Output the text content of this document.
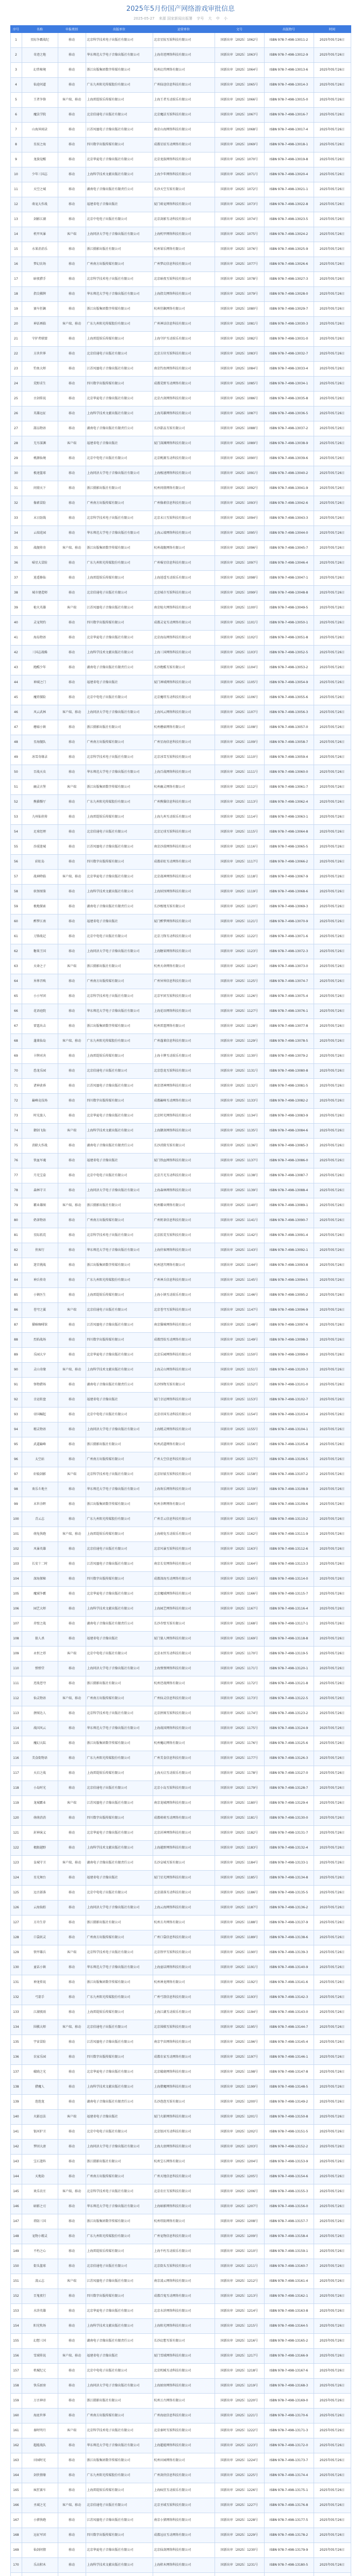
2025年5月份国产网络游戏审批信息
2025-05-27 来源 国家新闻出版署 字号 大 中 小
序号	名称	申报类别	出版单位	运营单位	文号	出版物号	时间
1	星际争霸战纪	移动	北京科学技术电子出版社有限公司	北京星际互娱科技有限公司	国新出审〔2025〕1062号	ISBN 978-7-498-13011-2	2025年05月26日
2	奇迹之地	移动	华东师范大学电子音像出版社有限公司	上海奇迹网络科技有限公司	国新出审〔2025〕1063号	ISBN 978-7-498-13012-9	2025年05月26日
3	幻兽秘境	移动	浙江出版集团数字传媒有限公司	杭州幻兽网络有限公司	国新出审〔2025〕1064号	ISBN 978-7-498-13013-6	2025年05月26日
4	仙途问道	移动	广东九州阳光传媒股份有限公司	广州仙途信息科技有限公司	国新出审〔2025〕1065号	ISBN 978-7-498-13014-3	2025年05月26日
5	王者争锋	客户端、移动	上海雷缇娱乐传媒有限公司	上海王者互动娱乐有限公司	国新出审〔2025〕1066号	ISBN 978-7-498-13015-0	2025年05月26日
6	魔法学院	移动	北京伯通电子出版社有限公司	北京魔法互娱科技有限公司	国新出审〔2025〕1067号	ISBN 978-7-498-13016-7	2025年05月26日
7	山海异闻录	移动	江苏凤凰电子音像出版社有限公司	南京山海网络科技有限公司	国新出审〔2025〕1068号	ISBN 978-7-498-13017-4	2025年05月26日
8	星辰之海	移动	四川数字出版传媒有限公司	成都星辰互动网络有限公司	国新出审〔2025〕1069号	ISBN 978-7-498-13018-1	2025年05月26日
9	龙族觉醒	移动	北京华夏电子音像出版社有限公司	北京龙族网络科技有限公司	国新出审〔2025〕1070号	ISBN 978-7-498-13019-8	2025年05月26日
10	少年三国志	移动	上海科学技术文献出版社有限公司	上海少年网络科技有限公司	国新出审〔2025〕1071号	ISBN 978-7-498-13020-4	2025年05月26日
11	天空之城	移动	湖南电子音像出版社有限责任公司	长沙天空互娱有限公司	国新出审〔2025〕1072号	ISBN 978-7-498-13021-1	2025年05月26日
12	萌宠大作战	移动	福建省电子音像出版社	厦门萌宠网络科技有限公司	国新出审〔2025〕1073号	ISBN 978-7-498-13022-8	2025年05月26日
13	剑影江湖	移动	北京中电电子出版社有限公司	北京剑影互动科技有限公司	国新出审〔2025〕1074号	ISBN 978-7-498-13023-5	2025年05月26日
14	机甲风暴	客户端	上海同济大学电子音像出版社有限公司	上海机甲网络科技有限公司	国新出审〔2025〕1075号	ISBN 978-7-498-13024-2	2025年05月26日
15	水果消消乐	移动	浙江摄影出版社有限公司	杭州果乐网络有限公司	国新出审〔2025〕1076号	ISBN 978-7-498-13025-9	2025年05月26日
16	梦幻农场	移动	广州南方出版传媒有限公司	广州梦幻信息科技有限公司	国新出审〔2025〕1077号	ISBN 978-7-498-13026-6	2025年05月26日
17	暗夜猎手	移动	北京科学技术电子出版社有限公司	北京暗夜互娱科技有限公司	国新出审〔2025〕1078号	ISBN 978-7-498-13027-3	2025年05月26日
18	指尖棋牌	移动	华东师范大学电子音像出版社有限公司	上海指尖网络科技有限公司	国新出审〔2025〕1079号	ISBN 978-7-498-13028-0	2025年05月26日
19	赛车狂飙	移动	浙江出版集团数字传媒有限公司	杭州狂飙网络有限公司	国新出审〔2025〕1080号	ISBN 978-7-498-13029-7	2025年05月26日
20	神话再临	客户端、移动	广东九州阳光传媒股份有限公司	广州神话信息科技有限公司	国新出审〔2025〕1081号	ISBN 978-7-498-13030-3	2025年05月26日
21	守护者联盟	移动	上海雷缇娱乐传媒有限公司	上海守护互动娱乐有限公司	国新出审〔2025〕1082号	ISBN 978-7-498-13031-0	2025年05月26日
22	方块世界	移动	北京伯通电子出版社有限公司	北京方块互娱科技有限公司	国新出审〔2025〕1083号	ISBN 978-7-498-13032-7	2025年05月26日
23	钓鱼大师	移动	江苏凤凰电子音像出版社有限公司	南京钓鱼网络科技有限公司	国新出审〔2025〕1084号	ISBN 978-7-498-13033-4	2025年05月26日
24	荒野求生	移动	四川数字出版传媒有限公司	成都荒野互动网络有限公司	国新出审〔2025〕1085号	ISBN 978-7-498-13034-1	2025年05月26日
25	古剑传说	移动	北京华夏电子音像出版社有限公司	北京古剑网络科技有限公司	国新出审〔2025〕1086号	ISBN 978-7-498-13035-8	2025年05月26日
26	英雄远征	移动	上海科学技术文献出版社有限公司	上海英雄网络科技有限公司	国新出审〔2025〕1087号	ISBN 978-7-498-13036-5	2025年05月26日
27	甜品物语	移动	湖南电子音像出版社有限责任公司	长沙甜品互娱有限公司	国新出审〔2025〕1088号	ISBN 978-7-498-13037-2	2025年05月26日
28	无尽深渊	客户端	福建省电子音像出版社	厦门深渊网络科技有限公司	国新出审〔2025〕1089号	ISBN 978-7-498-13038-9	2025年05月26日
29	桃源仙境	移动	北京中电电子出版社有限公司	北京桃源互动科技有限公司	国新出审〔2025〕1090号	ISBN 978-7-498-13039-6	2025年05月26日
30	极速篮球	移动	上海同济大学电子音像出版社有限公司	上海极速网络科技有限公司	国新出审〔2025〕1091号	ISBN 978-7-498-13040-2	2025年05月26日
31	问鼎天下	移动	浙江摄影出版社有限公司	杭州问鼎网络有限公司	国新出审〔2025〕1092号	ISBN 978-7-498-13041-9	2025年05月26日
32	像素冒险	移动	广州南方出版传媒有限公司	广州像素信息科技有限公司	国新出审〔2025〕1093号	ISBN 978-7-498-13042-6	2025年05月26日
33	末日防线	移动	北京科学技术电子出版社有限公司	北京末日互娱科技有限公司	国新出审〔2025〕1094号	ISBN 978-7-498-13043-3	2025年05月26日
34	云端花园	移动	华东师范大学电子音像出版社有限公司	上海云端网络科技有限公司	国新出审〔2025〕1095号	ISBN 978-7-498-13044-0	2025年05月26日
35	战舰传奇	客户端、移动	浙江出版集团数字传媒有限公司	杭州战舰网络有限公司	国新出审〔2025〕1096号	ISBN 978-7-498-13045-7	2025年05月26日
36	喵星大冒险	移动	广东九州阳光传媒股份有限公司	广州喵星信息科技有限公司	国新出审〔2025〕1097号	ISBN 978-7-498-13046-4	2025年05月26日
37	逍遥修仙	移动	上海雷缇娱乐传媒有限公司	上海逍遥互动娱乐有限公司	国新出审〔2025〕1098号	ISBN 978-7-498-13047-1	2025年05月26日
38	城市建造师	移动	北京伯通电子出版社有限公司	北京城市互娱科技有限公司	国新出审〔2025〕1099号	ISBN 978-7-498-13048-8	2025年05月26日
39	枪火英雄	客户端	江苏凤凰电子音像出版社有限公司	南京枪火网络科技有限公司	国新出审〔2025〕1100号	ISBN 978-7-498-13049-5	2025年05月26日
40	灵宠契约	移动	四川数字出版传媒有限公司	成都灵宠互动网络有限公司	国新出审〔2025〕1101号	ISBN 978-7-498-13050-1	2025年05月26日
41	海岛物语	移动	北京华夏电子音像出版社有限公司	北京海岛网络科技有限公司	国新出审〔2025〕1102号	ISBN 978-7-498-13051-8	2025年05月26日
42	三国志战略	移动	上海科学技术文献出版社有限公司	上海三国网络科技有限公司	国新出审〔2025〕1103号	ISBN 978-7-498-13052-5	2025年05月26日
43	跑酷少年	移动	湖南电子音像出版社有限责任公司	长沙跑酷互娱有限公司	国新出审〔2025〕1104号	ISBN 978-7-498-13053-2	2025年05月26日
44	神域之门	移动	福建省电子音像出版社	厦门神域网络科技有限公司	国新出审〔2025〕1105号	ISBN 978-7-498-13054-9	2025年05月26日
45	魔塔探险	移动	北京中电电子出版社有限公司	北京魔塔互动科技有限公司	国新出审〔2025〕1106号	ISBN 978-7-498-13055-6	2025年05月26日
46	风云武林	客户端、移动	上海同济大学电子音像出版社有限公司	上海风云网络科技有限公司	国新出审〔2025〕1107号	ISBN 978-7-498-13056-3	2025年05月26日
47	蘑菇小镇	移动	浙江摄影出版社有限公司	杭州蘑菇网络有限公司	国新出审〔2025〕1108号	ISBN 978-7-498-13057-0	2025年05月26日
48	星海舰队	移动	广州南方出版传媒有限公司	广州星海信息科技有限公司	国新出审〔2025〕1109号	ISBN 978-7-498-13058-7	2025年05月26日
49	冰雪奇缘录	移动	北京科学技术电子出版社有限公司	北京冰雪互娱科技有限公司	国新出审〔2025〕1110号	ISBN 978-7-498-13059-4	2025年05月26日
50	百战天虫	移动	华东师范大学电子音像出版社有限公司	上海百战网络科技有限公司	国新出审〔2025〕1111号	ISBN 978-7-498-13060-0	2025年05月26日
51	幽灵古堡	客户端	浙江出版集团数字传媒有限公司	杭州幽灵网络有限公司	国新出审〔2025〕1112号	ISBN 978-7-498-13061-7	2025年05月26日
52	熊猫餐厅	移动	广东九州阳光传媒股份有限公司	广州熊猫信息科技有限公司	国新出审〔2025〕1113号	ISBN 978-7-498-13062-4	2025年05月26日
53	九州仙侠传	移动	上海雷缇娱乐传媒有限公司	上海九州互动娱乐有限公司	国新出审〔2025〕1114号	ISBN 978-7-498-13063-1	2025年05月26日
54	足球经理	移动	北京伯通电子出版社有限公司	北京足球互娱科技有限公司	国新出审〔2025〕1115号	ISBN 978-7-498-13064-8	2025年05月26日
55	沙漠迷城	移动	江苏凤凰电子音像出版社有限公司	南京沙漠网络科技有限公司	国新出审〔2025〕1116号	ISBN 978-7-498-13065-5	2025年05月26日
56	彩虹岛	移动	四川数字出版传媒有限公司	成都彩虹互动网络有限公司	国新出审〔2025〕1117号	ISBN 978-7-498-13066-2	2025年05月26日
57	战神降临	客户端、移动	北京华夏电子音像出版社有限公司	北京战神网络科技有限公司	国新出审〔2025〕1118号	ISBN 978-7-498-13067-9	2025年05月26日
58	妖怪图鉴	移动	上海科学技术文献出版社有限公司	上海妖怪网络科技有限公司	国新出审〔2025〕1119号	ISBN 978-7-498-13068-6	2025年05月26日
59	极地探索	移动	湖南电子音像出版社有限责任公司	长沙极地互娱有限公司	国新出审〔2025〕1120号	ISBN 978-7-498-13069-3	2025年05月26日
60	醉梦江南	移动	福建省电子音像出版社	厦门醉梦网络科技有限公司	国新出审〔2025〕1121号	ISBN 978-7-498-13070-9	2025年05月26日
61	刀锋战记	移动	北京中电电子出版社有限公司	北京刀锋互动科技有限公司	国新出审〔2025〕1122号	ISBN 978-7-498-13071-6	2025年05月26日
62	糖果王国	移动	上海同济大学电子音像出版社有限公司	上海糖果网络科技有限公司	国新出审〔2025〕1123号	ISBN 978-7-498-13072-3	2025年05月26日
63	天命之子	客户端	浙江摄影出版社有限公司	杭州天命网络有限公司	国新出审〔2025〕1124号	ISBN 978-7-498-13073-0	2025年05月26日
64	异界召唤	移动	广州南方出版传媒有限公司	广州异界信息科技有限公司	国新出审〔2025〕1125号	ISBN 978-7-498-13074-7	2025年05月26日
65	小小军团	移动	北京科学技术电子出版社有限公司	北京军团互娱科技有限公司	国新出审〔2025〕1126号	ISBN 978-7-498-13075-4	2025年05月26日
66	花语庭院	移动	华东师范大学电子音像出版社有限公司	上海花语网络科技有限公司	国新出审〔2025〕1127号	ISBN 978-7-498-13076-1	2025年05月26日
67	雷霆出击	移动	浙江出版集团数字传媒有限公司	杭州雷霆网络有限公司	国新出审〔2025〕1128号	ISBN 978-7-498-13077-8	2025年05月26日
68	蓬莱仙岛	客户端、移动	广东九州阳光传媒股份有限公司	广州蓬莱信息科技有限公司	国新出审〔2025〕1129号	ISBN 978-7-498-13078-5	2025年05月26日
69	卡牌对决	移动	上海雷缇娱乐传媒有限公司	上海卡牌互动娱乐有限公司	国新出审〔2025〕1130号	ISBN 978-7-498-13079-2	2025年05月26日
70	恐龙乐园	移动	北京伯通电子出版社有限公司	北京恐龙互娱科技有限公司	国新出审〔2025〕1131号	ISBN 978-7-498-13080-8	2025年05月26日
71	诸神黄昏	移动	江苏凤凰电子音像出版社有限公司	南京诸神网络科技有限公司	国新出审〔2025〕1132号	ISBN 978-7-498-13081-5	2025年05月26日
72	巅峰竞技场	移动	四川数字出版传媒有限公司	成都巅峰互动网络有限公司	国新出审〔2025〕1133号	ISBN 978-7-498-13082-2	2025年05月26日
73	时光旅人	移动	北京华夏电子音像出版社有限公司	北京时光网络科技有限公司	国新出审〔2025〕1134号	ISBN 978-7-498-13083-9	2025年05月26日
74	御剑飞仙	客户端	上海科学技术文献出版社有限公司	上海御剑网络科技有限公司	国新出审〔2025〕1135号	ISBN 978-7-498-13084-6	2025年05月26日
75	消除大作战	移动	湖南电子音像出版社有限责任公司	长沙消除互娱有限公司	国新出审〔2025〕1136号	ISBN 978-7-498-13085-3	2025年05月26日
76	铁血军魂	移动	福建省电子音像出版社	厦门铁血网络科技有限公司	国新出审〔2025〕1137号	ISBN 978-7-498-13086-0	2025年05月26日
77	月光宝盒	移动	北京中电电子出版社有限公司	北京月光互动科技有限公司	国新出审〔2025〕1138号	ISBN 978-7-498-13087-7	2025年05月26日
78	森林守卫	移动	上海同济大学电子音像出版社有限公司	上海森林网络科技有限公司	国新出审〔2025〕1139号	ISBN 978-7-498-13088-4	2025年05月26日
79	霸业雄图	客户端、移动	浙江摄影出版社有限公司	杭州霸业网络有限公司	国新出审〔2025〕1140号	ISBN 978-7-498-13089-1	2025年05月26日
80	奶茶物语	移动	广州南方出版传媒有限公司	广州奶茶信息科技有限公司	国新出审〔2025〕1141号	ISBN 978-7-498-13090-7	2025年05月26日
81	星际拓荒	移动	北京科学技术电子出版社有限公司	北京拓荒互娱科技有限公司	国新出审〔2025〕1142号	ISBN 978-7-498-13091-4	2025年05月26日
82	侠客行	移动	华东师范大学电子音像出版社有限公司	上海侠客网络科技有限公司	国新出审〔2025〕1143号	ISBN 978-7-498-13092-1	2025年05月26日
83	迷宫挑战	移动	浙江出版集团数字传媒有限公司	杭州迷宫网络有限公司	国新出审〔2025〕1144号	ISBN 978-7-498-13093-8	2025年05月26日
84	神兵传奇	移动	广东九州阳光传媒股份有限公司	广州神兵信息科技有限公司	国新出审〔2025〕1145号	ISBN 978-7-498-13094-5	2025年05月26日
85	小镇医生	移动	上海雷缇娱乐传媒有限公司	上海小镇互动娱乐有限公司	国新出审〔2025〕1146号	ISBN 978-7-498-13095-2	2025年05月26日
86	苍穹之翼	客户端	北京伯通电子出版社有限公司	北京苍穹互娱科技有限公司	国新出审〔2025〕1147号	ISBN 978-7-498-13096-9	2025年05月26日
87	猫咪咖啡馆	移动	江苏凤凰电子音像出版社有限公司	南京猫咪网络科技有限公司	国新出审〔2025〕1148号	ISBN 978-7-498-13097-6	2025年05月26日
88	烈焰战场	移动	四川数字出版传媒有限公司	成都烈焰互动网络有限公司	国新出审〔2025〕1149号	ISBN 978-7-498-13098-3	2025年05月26日
89	乐园大亨	移动	北京华夏电子音像出版社有限公司	北京乐园网络科技有限公司	国新出审〔2025〕1150号	ISBN 978-7-498-13099-0	2025年05月26日
90	灵山奇缘	客户端、移动	上海科学技术文献出版社有限公司	上海灵山网络科技有限公司	国新出审〔2025〕1151号	ISBN 978-7-498-13100-3	2025年05月26日
91	怪物猎场	移动	湖南电子音像出版社有限责任公司	长沙怪物互娱有限公司	国新出审〔2025〕1152号	ISBN 978-7-498-13101-0	2025年05月26日
92	幸运转盘	移动	福建省电子音像出版社	厦门幸运网络科技有限公司	国新出审〔2025〕1153号	ISBN 978-7-498-13102-7	2025年05月26日
93	帝国崛起	移动	北京中电电子出版社有限公司	北京帝国互动科技有限公司	国新出审〔2025〕1154号	ISBN 978-7-498-13103-4	2025年05月26日
94	精灵物语	移动	上海同济大学电子音像出版社有限公司	上海精灵网络科技有限公司	国新出审〔2025〕1155号	ISBN 978-7-498-13104-1	2025年05月26日
95	武道巅峰	移动	浙江摄影出版社有限公司	杭州武道网络有限公司	国新出审〔2025〕1156号	ISBN 978-7-498-13105-8	2025年05月26日
96	太空站	移动	广州南方出版传媒有限公司	广州太空信息科技有限公司	国新出审〔2025〕1157号	ISBN 978-7-498-13106-5	2025年05月26日
97	轩辕剑影	客户端	北京科学技术电子出版社有限公司	北京轩辕互娱科技有限公司	国新出审〔2025〕1158号	ISBN 978-7-498-13107-2	2025年05月26日
98	欢乐斗地主	移动	华东师范大学电子音像出版社有限公司	上海欢乐网络科技有限公司	国新出审〔2025〕1159号	ISBN 978-7-498-13108-9	2025年05月26日
99	末世余晖	移动	浙江出版集团数字传媒有限公司	杭州余晖网络有限公司	国新出审〔2025〕1160号	ISBN 978-7-498-13109-6	2025年05月26日
100	青云志	移动	广东九州阳光传媒股份有限公司	广州青云信息科技有限公司	国新出审〔2025〕1161号	ISBN 978-7-498-13110-2	2025年05月26日
101	萌兔快跑	客户端、移动	上海雷缇娱乐传媒有限公司	上海萌兔互动娱乐有限公司	国新出审〔2025〕1162号	ISBN 978-7-498-13111-9	2025年05月26日
102	风暴英雄	移动	北京伯通电子出版社有限公司	北京风暴互娱科技有限公司	国新出审〔2025〕1163号	ISBN 978-7-498-13112-6	2025年05月26日
103	长安十二时	移动	江苏凤凰电子音像出版社有限公司	南京长安网络科技有限公司	国新出审〔2025〕1164号	ISBN 978-7-498-13113-3	2025年05月26日
104	深海探秘	移动	四川数字出版传媒有限公司	成都深海互动网络有限公司	国新出审〔2025〕1165号	ISBN 978-7-498-13114-0	2025年05月26日
105	魔域争霸	移动	北京华夏电子音像出版社有限公司	北京魔域网络科技有限公司	国新出审〔2025〕1166号	ISBN 978-7-498-13115-7	2025年05月26日
106	园艺大师	移动	上海科学技术文献出版社有限公司	上海园艺网络科技有限公司	国新出审〔2025〕1167号	ISBN 978-7-498-13116-4	2025年05月26日
107	赤壁之战	移动	湖南电子音像出版社有限责任公司	长沙赤壁互娱有限公司	国新出审〔2025〕1168号	ISBN 978-7-498-13117-1	2025年05月26日
108	狼人杀	移动	福建省电子音像出版社	厦门狼人网络科技有限公司	国新出审〔2025〕1169号	ISBN 978-7-498-13118-8	2025年05月26日
109	永恒之塔	客户端	北京中电电子出版社有限公司	北京永恒互动科技有限公司	国新出审〔2025〕1170号	ISBN 978-7-498-13119-5	2025年05月26日
110	弹弹堂	移动	上海同济大学电子音像出版社有限公司	上海弹弹网络科技有限公司	国新出审〔2025〕1171号	ISBN 978-7-498-13120-1	2025年05月26日
111	逆战苍穹	移动	浙江摄影出版社有限公司	杭州逆战网络有限公司	国新出审〔2025〕1172号	ISBN 978-7-498-13121-8	2025年05月26日
112	仙灵物语	客户端、移动	广州南方出版传媒有限公司	广州仙灵信息科技有限公司	国新出审〔2025〕1173号	ISBN 978-7-498-13122-5	2025年05月26日
113	拼图达人	移动	北京科学技术电子出版社有限公司	北京拼图互娱科技有限公司	国新出审〔2025〕1174号	ISBN 978-7-498-13123-2	2025年05月26日
114	战国风云	移动	华东师范大学电子音像出版社有限公司	上海战国网络科技有限公司	国新出审〔2025〕1175号	ISBN 978-7-498-13124-9	2025年05月26日
115	魔幻大陆	移动	浙江出版集团数字传媒有限公司	杭州魔幻网络有限公司	国新出审〔2025〕1176号	ISBN 978-7-498-13125-6	2025年05月26日
116	美食街物语	移动	广东九州阳光传媒股份有限公司	广州美食信息科技有限公司	国新出审〔2025〕1177号	ISBN 978-7-498-13126-3	2025年05月26日
117	天启之战	移动	上海雷缇娱乐传媒有限公司	上海天启互动娱乐有限公司	国新出审〔2025〕1178号	ISBN 978-7-498-13127-0	2025年05月26日
118	小岛时光	移动	北京伯通电子出版社有限公司	北京小岛互娱科技有限公司	国新出审〔2025〕1179号	ISBN 978-7-498-13128-7	2025年05月26日
119	龙城霸业	客户端	江苏凤凰电子音像出版社有限公司	南京龙城网络科技有限公司	国新出审〔2025〕1180号	ISBN 978-7-498-13129-4	2025年05月26日
120	萌萌消消	移动	四川数字出版传媒有限公司	成都萌萌互动网络有限公司	国新出审〔2025〕1181号	ISBN 978-7-498-13130-0	2025年05月26日
121	封神演义	移动	北京华夏电子音像出版社有限公司	北京封神网络科技有限公司	国新出审〔2025〕1182号	ISBN 978-7-498-13131-7	2025年05月26日
122	极限越野	移动	上海科学技术文献出版社有限公司	上海越野网络科技有限公司	国新出审〔2025〕1183号	ISBN 978-7-498-13132-4	2025年05月26日
123	皇城守卫	客户端、移动	湖南电子音像出版社有限责任公司	长沙皇城互娱有限公司	国新出审〔2025〕1184号	ISBN 978-7-498-13133-1	2025年05月26日
124	星光舞台	移动	福建省电子音像出版社	厦门星光网络科技有限公司	国新出审〔2025〕1185号	ISBN 978-7-498-13134-8	2025年05月26日
125	远古部落	移动	北京中电电子出版社有限公司	北京部落互动科技有限公司	国新出审〔2025〕1186号	ISBN 978-7-498-13135-5	2025年05月26日
126	云海仙踪	移动	上海同济大学电子音像出版社有限公司	上海云海网络科技有限公司	国新出审〔2025〕1187号	ISBN 978-7-498-13136-2	2025年05月26日
127	方舟生存	移动	浙江摄影出版社有限公司	杭州方舟网络有限公司	国新出审〔2025〕1188号	ISBN 978-7-498-13137-9	2025年05月26日
128	口袋妖灵	移动	广州南方出版传媒有限公司	广州口袋信息科技有限公司	国新出审〔2025〕1189号	ISBN 978-7-498-13138-6	2025年05月26日
129	铁甲雄兵	客户端	北京科学技术电子出版社有限公司	北京铁甲互娱科技有限公司	国新出审〔2025〕1190号	ISBN 978-7-498-13139-3	2025年05月26日
130	童话小镇	移动	华东师范大学电子音像出版社有限公司	上海童话网络科技有限公司	国新出审〔2025〕1191号	ISBN 978-7-498-13140-9	2025年05月26日
131	神龙传说	移动	浙江出版集团数字传媒有限公司	杭州神龙网络有限公司	国新出审〔2025〕1192号	ISBN 978-7-498-13141-6	2025年05月26日
132	弓箭手	移动	广东九州阳光传媒股份有限公司	广州弓箭信息科技有限公司	国新出审〔2025〕1193号	ISBN 978-7-498-13142-3	2025年05月26日
133	江湖夜雨	移动	上海雷缇娱乐传媒有限公司	上海江湖互动娱乐有限公司	国新出审〔2025〕1194号	ISBN 978-7-498-13143-0	2025年05月26日
134	围棋大师	客户端、移动	北京伯通电子出版社有限公司	北京围棋互娱科技有限公司	国新出审〔2025〕1195号	ISBN 978-7-498-13144-7	2025年05月26日
135	宇宙冒险	移动	江苏凤凰电子音像出版社有限公司	南京宇宙网络科技有限公司	国新出审〔2025〕1196号	ISBN 978-7-498-13145-4	2025年05月26日
136	农家乐园	移动	四川数字出版传媒有限公司	成都农家互动网络有限公司	国新出审〔2025〕1197号	ISBN 978-7-498-13146-1	2025年05月26日
137	破晓之光	移动	北京华夏电子音像出版社有限公司	北京破晓网络科技有限公司	国新出审〔2025〕1198号	ISBN 978-7-498-13147-8	2025年05月26日
138	猎魔人	移动	上海科学技术文献出版社有限公司	上海猎魔网络科技有限公司	国新出审〔2025〕1199号	ISBN 978-7-498-13148-5	2025年05月26日
139	泡泡龙	移动	湖南电子音像出版社有限责任公司	长沙泡泡互娱有限公司	国新出审〔2025〕1200号	ISBN 978-7-498-13149-2	2025年05月26日
140	火影忍法	客户端	福建省电子音像出版社	厦门火影网络科技有限公司	国新出审〔2025〕1201号	ISBN 978-7-498-13150-8	2025年05月26日
141	银河护卫	移动	北京中电电子出版社有限公司	北京银河互动科技有限公司	国新出审〔2025〕1202号	ISBN 978-7-498-13151-5	2025年05月26日
142	梦回大唐	移动	上海同济大学电子音像出版社有限公司	上海大唐网络科技有限公司	国新出审〔2025〕1203号	ISBN 978-7-498-13152-2	2025年05月26日
143	宝石迷阵	移动	浙江摄影出版社有限公司	杭州宝石网络有限公司	国新出审〔2025〕1204号	ISBN 978-7-498-13153-9	2025年05月26日
144	天地劫	移动	广州南方出版传媒有限公司	广州天地信息科技有限公司	国新出审〔2025〕1205号	ISBN 978-7-498-13154-6	2025年05月26日
145	欢乐农庄	客户端、移动	北京科学技术电子出版社有限公司	北京农庄互娱科技有限公司	国新出审〔2025〕1206号	ISBN 978-7-498-13155-3	2025年05月26日
146	暗影之刃	移动	华东师范大学电子音像出版社有限公司	上海暗影网络科技有限公司	国新出审〔2025〕1207号	ISBN 978-7-498-13156-0	2025年05月26日
147	塔防三国	移动	浙江出版集团数字传媒有限公司	杭州塔防网络有限公司	国新出审〔2025〕1208号	ISBN 978-7-498-13157-7	2025年05月26日
148	宠物小精灵	移动	广东九州阳光传媒股份有限公司	广州宠物信息科技有限公司	国新出审〔2025〕1209号	ISBN 978-7-498-13158-4	2025年05月26日
149	不朽之心	移动	上海雷缇娱乐传媒有限公司	上海不朽互动娱乐有限公司	国新出审〔2025〕1210号	ISBN 978-7-498-13159-1	2025年05月26日
150	街头篮球	移动	北京伯通电子出版社有限公司	北京街头互娱科技有限公司	国新出审〔2025〕1211号	ISBN 978-7-498-13160-7	2025年05月26日
151	凌云志	客户端	江苏凤凰电子音像出版社有限公司	南京凌云网络科技有限公司	国新出审〔2025〕1212号	ISBN 978-7-498-13161-4	2025年05月26日
152	百鬼夜行	移动	四川数字出版传媒有限公司	成都百鬼互动网络有限公司	国新出审〔2025〕1213号	ISBN 978-7-498-13162-1	2025年05月26日
153	水浒英雄	移动	北京华夏电子音像出版社有限公司	北京水浒网络科技有限公司	国新出审〔2025〕1214号	ISBN 978-7-498-13163-8	2025年05月26日
154	阳光牧场	移动	上海科学技术文献出版社有限公司	上海阳光网络科技有限公司	国新出审〔2025〕1215号	ISBN 978-7-498-13164-5	2025年05月26日
155	幻想三国	移动	湖南电子音像出版社有限责任公司	长沙幻想互娱有限公司	国新出审〔2025〕1216号	ISBN 978-7-498-13165-2	2025年05月26日
156	雪域传说	客户端、移动	福建省电子音像出版社	厦门雪域网络科技有限公司	国新出审〔2025〕1217号	ISBN 978-7-498-13166-9	2025年05月26日
157	机械纪元	移动	北京中电电子出版社有限公司	北京机械互动科技有限公司	国新出审〔2025〕1218号	ISBN 978-7-498-13167-6	2025年05月26日
158	快乐厨房	移动	上海同济大学电子音像出版社有限公司	上海厨房网络科技有限公司	国新出审〔2025〕1219号	ISBN 978-7-498-13168-3	2025年05月26日
159	万古神帝	移动	浙江摄影出版社有限公司	杭州万古网络有限公司	国新出审〔2025〕1220号	ISBN 978-7-498-13169-0	2025年05月26日
160	海底世界	移动	广州南方出版传媒有限公司	广州海底信息科技有限公司	国新出审〔2025〕1221号	ISBN 978-7-498-13170-6	2025年05月26日
161	秦时明月	客户端	北京科学技术电子出版社有限公司	北京秦时互娱科技有限公司	国新出审〔2025〕1222号	ISBN 978-7-498-13171-3	2025年05月26日
162	超能战队	移动	华东师范大学电子音像出版社有限公司	上海超能网络科技有限公司	国新出审〔2025〕1223号	ISBN 978-7-498-13172-0	2025年05月26日
163	田园时光	移动	浙江出版集团数字传媒有限公司	杭州田园网络有限公司	国新出审〔2025〕1224号	ISBN 978-7-498-13173-7	2025年05月26日
164	剑侠情缘	移动	广东九州阳光传媒股份有限公司	广州剑侠信息科技有限公司	国新出审〔2025〕1225号	ISBN 978-7-498-13174-4	2025年05月26日
165	疯狂赛车	移动	上海雷缇娱乐传媒有限公司	上海疯狂互动娱乐有限公司	国新出审〔2025〕1226号	ISBN 978-7-498-13175-1	2025年05月26日
166	圣域之光	客户端、移动	北京伯通电子出版社有限公司	北京圣域互娱科技有限公司	国新出审〔2025〕1227号	ISBN 978-7-498-13176-8	2025年05月26日
167	小猪快跑	移动	江苏凤凰电子音像出版社有限公司	南京小猪网络科技有限公司	国新出审〔2025〕1228号	ISBN 978-7-498-13177-5	2025年05月26日
168	远征军团	移动	四川数字出版传媒有限公司	成都远征互动网络有限公司	国新出审〔2025〕1229号	ISBN 978-7-498-13178-2	2025年05月26日
169	仙剑问情	移动	北京华夏电子音像出版社有限公司	北京仙剑网络科技有限公司	国新出审〔2025〕1230号	ISBN 978-7-498-13179-9	2025年05月26日
170	乐高积木	移动	上海科学技术文献出版社有限公司	上海积木网络科技有限公司	国新出审〔2025〕1231号	ISBN 978-7-498-13180-5	2025年05月26日
